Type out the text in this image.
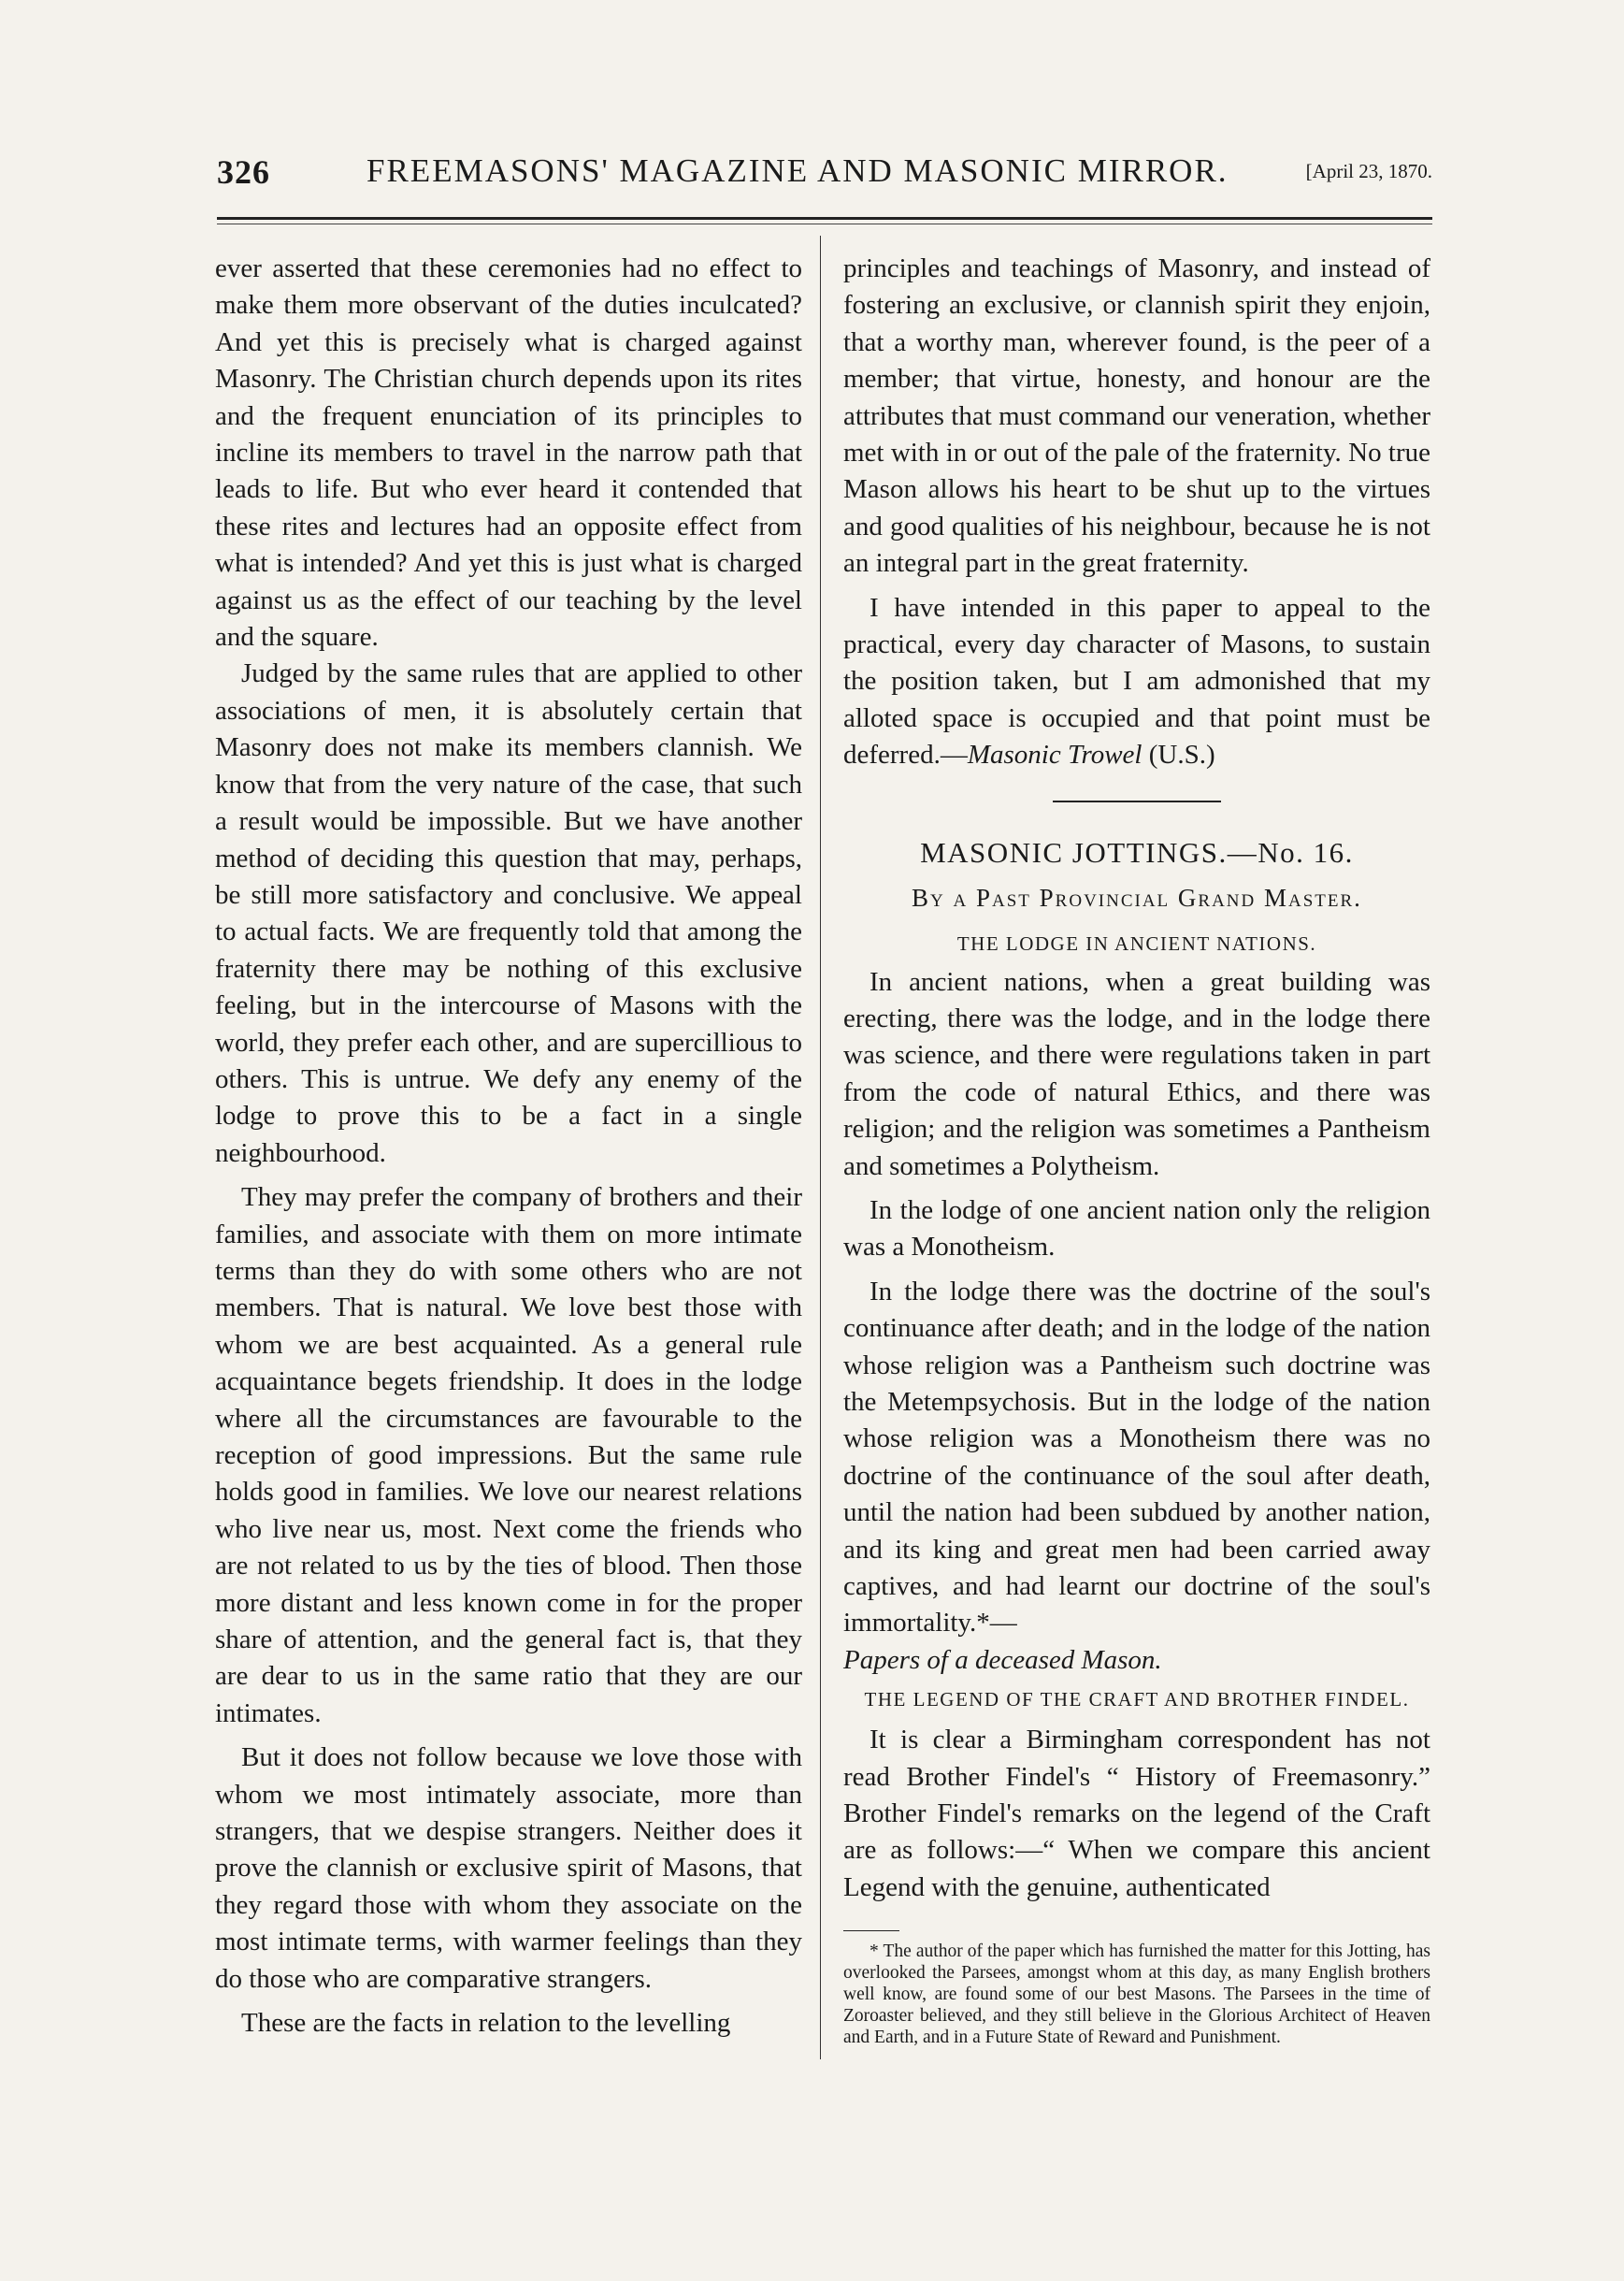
326	FREEMASONS' MAGAZINE AND MASONIC MIRROR.	[April 23, 1870.

ever asserted that these ceremonies had no effect to make them more observant of the duties inculcated? And yet this is precisely what is charged against Masonry. The Christian church depends upon its rites and the frequent enunciation of its principles to incline its members to travel in the narrow path that leads to life. But who ever heard it contended that these rites and lectures had an opposite effect from what is intended? And yet this is just what is charged against us as the effect of our teaching by the level and the square.

Judged by the same rules that are applied to other associations of men, it is absolutely certain that Masonry does not make its members clannish. We know that from the very nature of the case, that such a result would be impossible. But we have another method of deciding this question that may, perhaps, be still more satisfactory and conclusive. We appeal to actual facts. We are frequently told that among the fraternity there may be nothing of this exclusive feeling, but in the intercourse of Masons with the world, they prefer each other, and are supercillious to others. This is untrue. We defy any enemy of the lodge to prove this to be a fact in a single neighbourhood.

They may prefer the company of brothers and their families, and associate with them on more intimate terms than they do with some others who are not members. That is natural. We love best those with whom we are best acquainted. As a general rule acquaintance begets friendship. It does in the lodge where all the circumstances are favourable to the reception of good impressions. But the same rule holds good in families. We love our nearest relations who live near us, most. Next come the friends who are not related to us by the ties of blood. Then those more distant and less known come in for the proper share of attention, and the general fact is, that they are dear to us in the same ratio that they are our intimates.

But it does not follow because we love those with whom we most intimately associate, more than strangers, that we despise strangers. Neither does it prove the clannish or exclusive spirit of Masons, that they regard those with whom they associate on the most intimate terms, with warmer feelings than they do those who are comparative strangers.

These are the facts in relation to the levelling

principles and teachings of Masonry, and instead of fostering an exclusive, or clannish spirit they enjoin, that a worthy man, wherever found, is the peer of a member; that virtue, honesty, and honour are the attributes that must command our veneration, whether met with in or out of the pale of the fraternity. No true Mason allows his heart to be shut up to the virtues and good qualities of his neighbour, because he is not an integral part in the great fraternity.

I have intended in this paper to appeal to the practical, every day character of Masons, to sustain the position taken, but I am admonished that my alloted space is occupied and that point must be deferred.—Masonic Trowel (U.S.)

MASONIC JOTTINGS.—No. 16.

By a Past Provincial Grand Master.

THE LODGE IN ANCIENT NATIONS.

In ancient nations, when a great building was erecting, there was the lodge, and in the lodge there was science, and there were regulations taken in part from the code of natural Ethics, and there was religion; and the religion was sometimes a Pantheism and sometimes a Polytheism.

In the lodge of one ancient nation only the religion was a Monotheism.

In the lodge there was the doctrine of the soul's continuance after death; and in the lodge of the nation whose religion was a Pantheism such doctrine was the Metempsychosis. But in the lodge of the nation whose religion was a Monotheism there was no doctrine of the continuance of the soul after death, until the nation had been subdued by another nation, and its king and great men had been carried away captives, and had learnt our doctrine of the soul's immortality.*—

Papers of a deceased Mason.

THE LEGEND OF THE CRAFT AND BROTHER FINDEL.

It is clear a Birmingham correspondent has not read Brother Findel's “ History of Freemasonry.” Brother Findel's remarks on the legend of the Craft are as follows:—“ When we compare this ancient Legend with the genuine, authenticated

* The author of the paper which has furnished the matter for this Jotting, has overlooked the Parsees, amongst whom at this day, as many English brothers well know, are found some of our best Masons. The Parsees in the time of Zoroaster believed, and they still believe in the Glorious Architect of Heaven and Earth, and in a Future State of Reward and Punishment.
